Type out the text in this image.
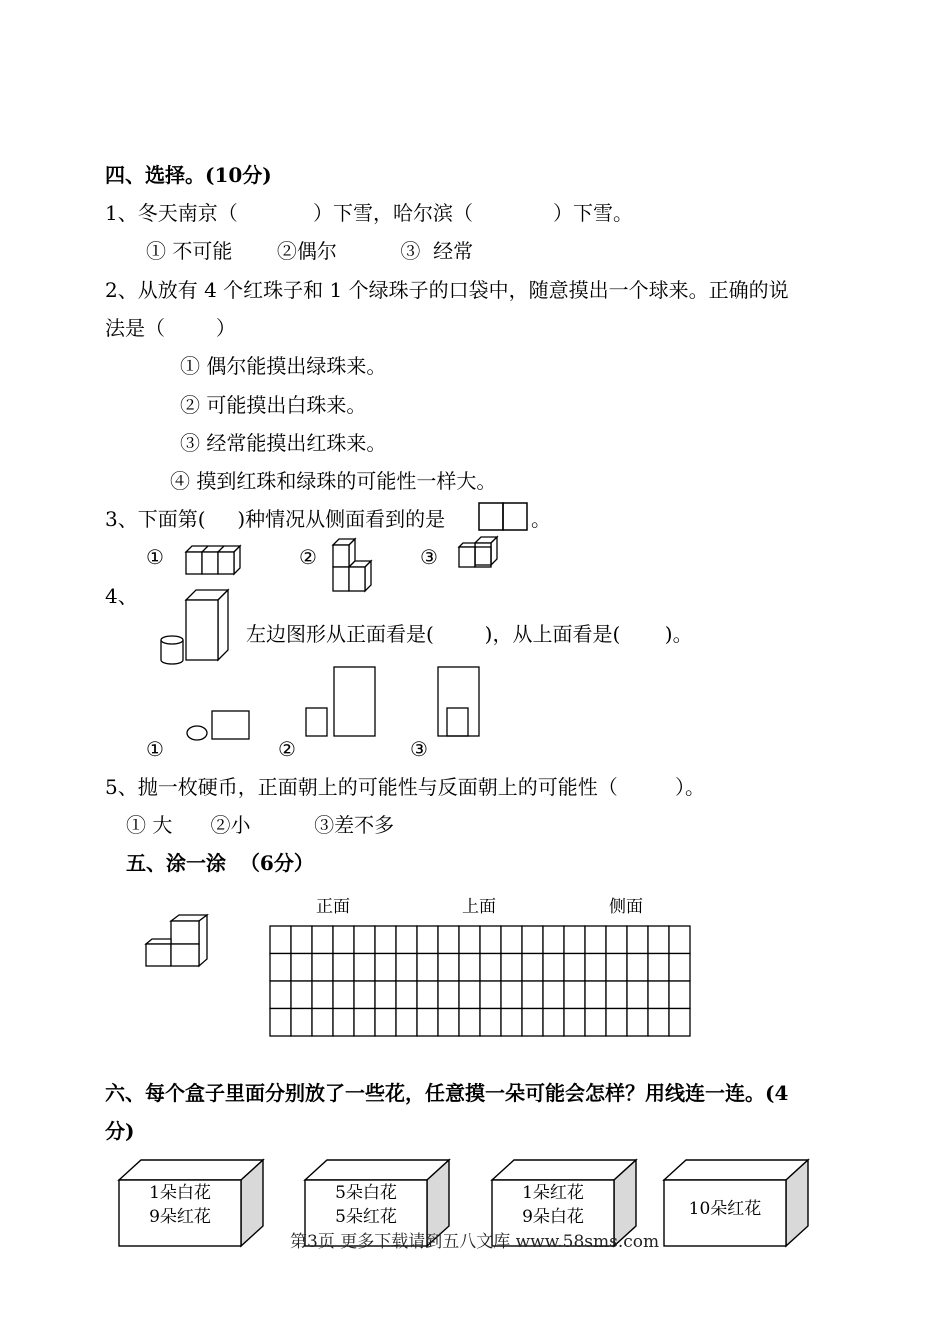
四、选择。(10分)
1、冬天南京（	）下雪，哈尔滨（	）下雪。
① 不可能       ②偶尔          ③  经常
2、从放有 4 个红珠子和 1 个绿珠子的口袋中，随意摸出一个球来。正确的说
法是（        ）
① 偶尔能摸出绿珠来。
② 可能摸出白珠来。
③ 经常能摸出红珠来。
④ 摸到红珠和绿珠的可能性一样大。
3、下面第(     )种情况从侧面看到的是	。
①	②	③
4、
左边图形从正面看是(        )，从上面看是(       )。
①	②	③
5、抛一枚硬币，正面朝上的可能性与反面朝上的可能性（         ）。
① 大      ②小          ③差不多
五、涂一涂  （6分）
正面	上面	侧面
六、每个盒子里面分别放了一些花，任意摸一朵可能会怎样？用线连一连。(4
分)
1朵白花
9朵红花
5朵白花
5朵红花
1朵红花
9朵白花	10朵红花
第3页 更多下载请到五八文库 www.58sms.com
